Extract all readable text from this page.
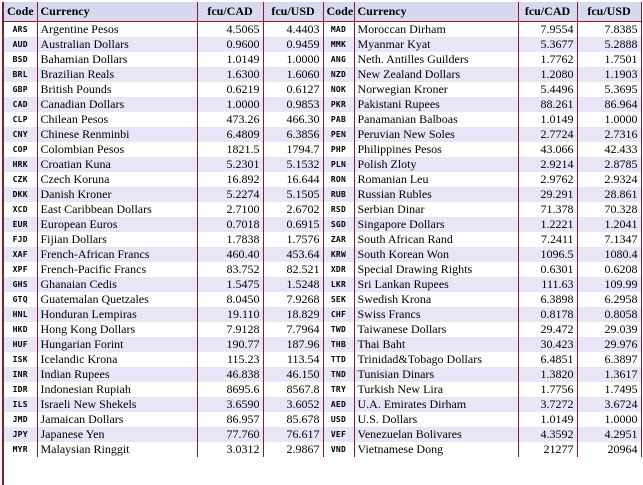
Code	Currency	fcu/CAD	fcu/USD	Code	Currency	fcu/CAD	fcu/USD
ARS	Argentine Pesos	4.5065	4.4403	MAD	Moroccan Dirham	7.9554	7.8385
AUD	Australian Dollars	0.9600	0.9459	MMK	Myanmar Kyat	5.3677	5.2888
BSD	Bahamian Dollars	1.0149	1.0000	ANG	Neth. Antilles Guilders	1.7762	1.7501
BRL	Brazilian Reals	1.6300	1.6060	NZD	New Zealand Dollars	1.2080	1.1903
GBP	British Pounds	0.6219	0.6127	NOK	Norwegian Kroner	5.4496	5.3695
CAD	Canadian Dollars	1.0000	0.9853	PKR	Pakistani Rupees	88.261	86.964
CLP	Chilean Pesos	473.26	466.30	PAB	Panamanian Balboas	1.0149	1.0000
CNY	Chinese Renminbi	6.4809	6.3856	PEN	Peruvian New Soles	2.7724	2.7316
COP	Colombian Pesos	1821.5	1794.7	PHP	Philippines Pesos	43.066	42.433
HRK	Croatian Kuna	5.2301	5.1532	PLN	Polish Zloty	2.9214	2.8785
CZK	Czech Koruna	16.892	16.644	RON	Romanian Leu	2.9762	2.9324
DKK	Danish Kroner	5.2274	5.1505	RUB	Russian Rubles	29.291	28.861
XCD	East Caribbean Dollars	2.7100	2.6702	RSD	Serbian Dinar	71.378	70.328
EUR	European Euros	0.7018	0.6915	SGD	Singapore Dollars	1.2221	1.2041
FJD	Fijian Dollars	1.7838	1.7576	ZAR	South African Rand	7.2411	7.1347
XAF	French-African Francs	460.40	453.64	KRW	South Korean Won	1096.5	1080.4
XPF	French-Pacific Francs	83.752	82.521	XDR	Special Drawing Rights	0.6301	0.6208
GHS	Ghanaian Cedis	1.5475	1.5248	LKR	Sri Lankan Rupees	111.63	109.99
GTQ	Guatemalan Quetzales	8.0450	7.9268	SEK	Swedish Krona	6.3898	6.2958
HNL	Honduran Lempiras	19.110	18.829	CHF	Swiss Francs	0.8178	0.8058
HKD	Hong Kong Dollars	7.9128	7.7964	TWD	Taiwanese Dollars	29.472	29.039
HUF	Hungarian Forint	190.77	187.96	THB	Thai Baht	30.423	29.976
ISK	Icelandic Krona	115.23	113.54	TTD	Trinidad&Tobago Dollars	6.4851	6.3897
INR	Indian Rupees	46.838	46.150	TND	Tunisian Dinars	1.3820	1.3617
IDR	Indonesian Rupiah	8695.6	8567.8	TRY	Turkish New Lira	1.7756	1.7495
ILS	Israeli New Shekels	3.6590	3.6052	AED	U.A. Emirates Dirham	3.7272	3.6724
JMD	Jamaican Dollars	86.957	85.678	USD	U.S. Dollars	1.0149	1.0000
JPY	Japanese Yen	77.760	76.617	VEF	Venezuelan Bolivares	4.3592	4.2951
MYR	Malaysian Ringgit	3.0312	2.9867	VND	Vietnamese Dong	21277	20964
